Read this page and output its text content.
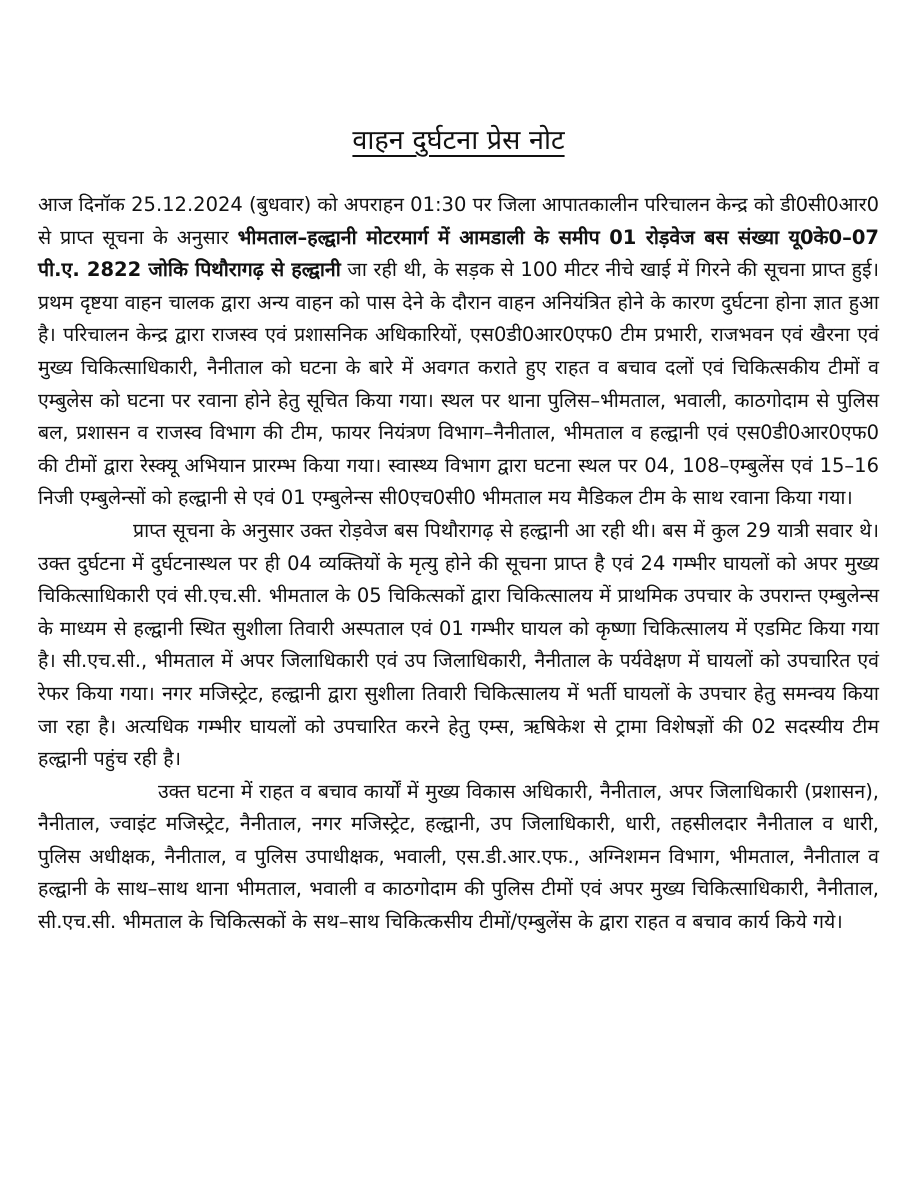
वाहन दुर्घटना प्रेस नोट

आज दिनॉक 25.12.2024 (बुधवार) को अपराहन 01:30 पर जिला आपातकालीन परिचालन केन्द्र को डी0सी0आर0 से प्राप्त सूचना के अनुसार भीमताल–हल्द्वानी मोटरमार्ग में आमडाली के समीप 01 रोड़वेज बस संख्या यू0के0–07 पी.ए. 2822 जोकि पिथौरागढ़ से हल्द्वानी जा रही थी, के सड़क से 100 मीटर नीचे खाई में गिरने की सूचना प्राप्त हुई। प्रथम दृष्टया वाहन चालक द्वारा अन्य वाहन को पास देने के दौरान वाहन अनियंत्रित होने के कारण दुर्घटना होना ज्ञात हुआ है। परिचालन केन्द्र द्वारा राजस्व एवं प्रशासनिक अधिकारियों, एस0डी0आर0एफ0 टीम प्रभारी, राजभवन एवं खैरना एवं मुख्य चिकित्साधिकारी, नैनीताल को घटना के बारे में अवगत कराते हुए राहत व बचाव दलों एवं चिकित्सकीय टीमों व एम्बुलेस को घटना पर रवाना होने हेतु सूचित किया गया। स्थल पर थाना पुलिस–भीमताल, भवाली, काठगोदाम से पुलिस बल, प्रशासन व राजस्व विभाग की टीम, फायर नियंत्रण विभाग–नैनीताल, भीमताल व हल्द्वानी एवं एस0डी0आर0एफ0 की टीमों द्वारा रेस्क्यू अभियान प्रारम्भ किया गया। स्वास्थ्य विभाग द्वारा घटना स्थल पर 04, 108–एम्बुलेंस एवं 15–16 निजी एम्बुलेन्सों को हल्द्वानी से एवं 01 एम्बुलेन्स सी0एच0सी0 भीमताल मय मैडिकल टीम के साथ रवाना किया गया।

प्राप्त सूचना के अनुसार उक्त रोड़वेज बस पिथौरागढ़ से हल्द्वानी आ रही थी। बस में कुल 29 यात्री सवार थे। उक्त दुर्घटना में दुर्घटनास्थल पर ही 04 व्यक्तियों के मृत्यु होने की सूचना प्राप्त है एवं 24 गम्भीर घायलों को अपर मुख्य चिकित्साधिकारी एवं सी.एच.सी. भीमताल के 05 चिकित्सकों द्वारा चिकित्सालय में प्राथमिक उपचार के उपरान्त एम्बुलेन्स के माध्यम से हल्द्वानी स्थित सुशीला तिवारी अस्पताल एवं 01 गम्भीर घायल को कृष्णा चिकित्सालय में एडमिट किया गया है। सी.एच.सी., भीमताल में अपर जिलाधिकारी एवं उप जिलाधिकारी, नैनीताल के पर्यवेक्षण में घायलों को उपचारित एवं रेफर किया गया। नगर मजिस्ट्रेट, हल्द्वानी द्वारा सुशीला तिवारी चिकित्सालय में भर्ती घायलों के उपचार हेतु समन्वय किया जा रहा है। अत्यधिक गम्भीर घायलों को उपचारित करने हेतु एम्स, ऋषिकेश से ट्रामा विशेषज्ञों की 02 सदस्यीय टीम हल्द्वानी पहुंच रही है।

उक्त घटना में राहत व बचाव कार्यों में मुख्य विकास अधिकारी, नैनीताल, अपर जिलाधिकारी (प्रशासन), नैनीताल, ज्वाइंट मजिस्ट्रेट, नैनीताल, नगर मजिस्ट्रेट, हल्द्वानी, उप जिलाधिकारी, धारी, तहसीलदार नैनीताल व धारी, पुलिस अधीक्षक, नैनीताल, व पुलिस उपाधीक्षक, भवाली, एस.डी.आर.एफ., अग्निशमन विभाग, भीमताल, नैनीताल व हल्द्वानी के साथ–साथ थाना भीमताल, भवाली व काठगोदाम की पुलिस टीमों एवं अपर मुख्य चिकित्साधिकारी, नैनीताल, सी.एच.सी. भीमताल के चिकित्सकों के सथ–साथ चिकित्कसीय टीमों/एम्बुलेंस के द्वारा राहत व बचाव कार्य किये गये।
